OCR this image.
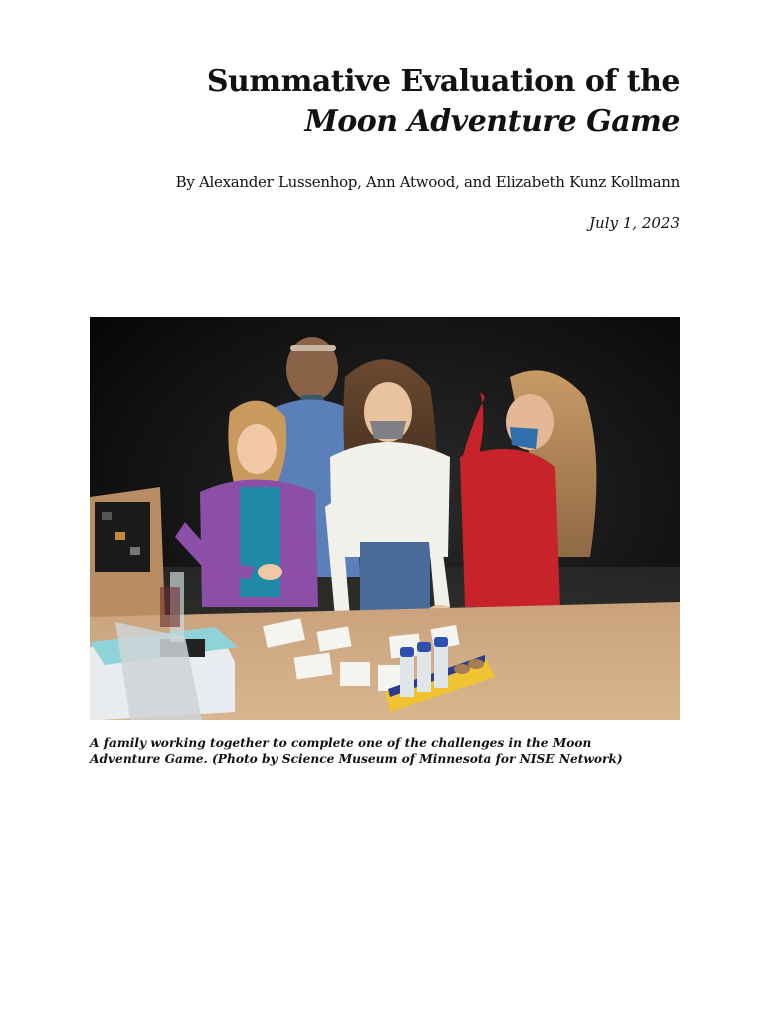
Summative Evaluation of the
Moon Adventure Game
By Alexander Lussenhop, Ann Atwood, and Elizabeth Kunz Kollmann
July 1, 2023
A family working together to complete one of the challenges in the Moon Adventure Game. (Photo by Science Museum of Minnesota for NISE Network)
